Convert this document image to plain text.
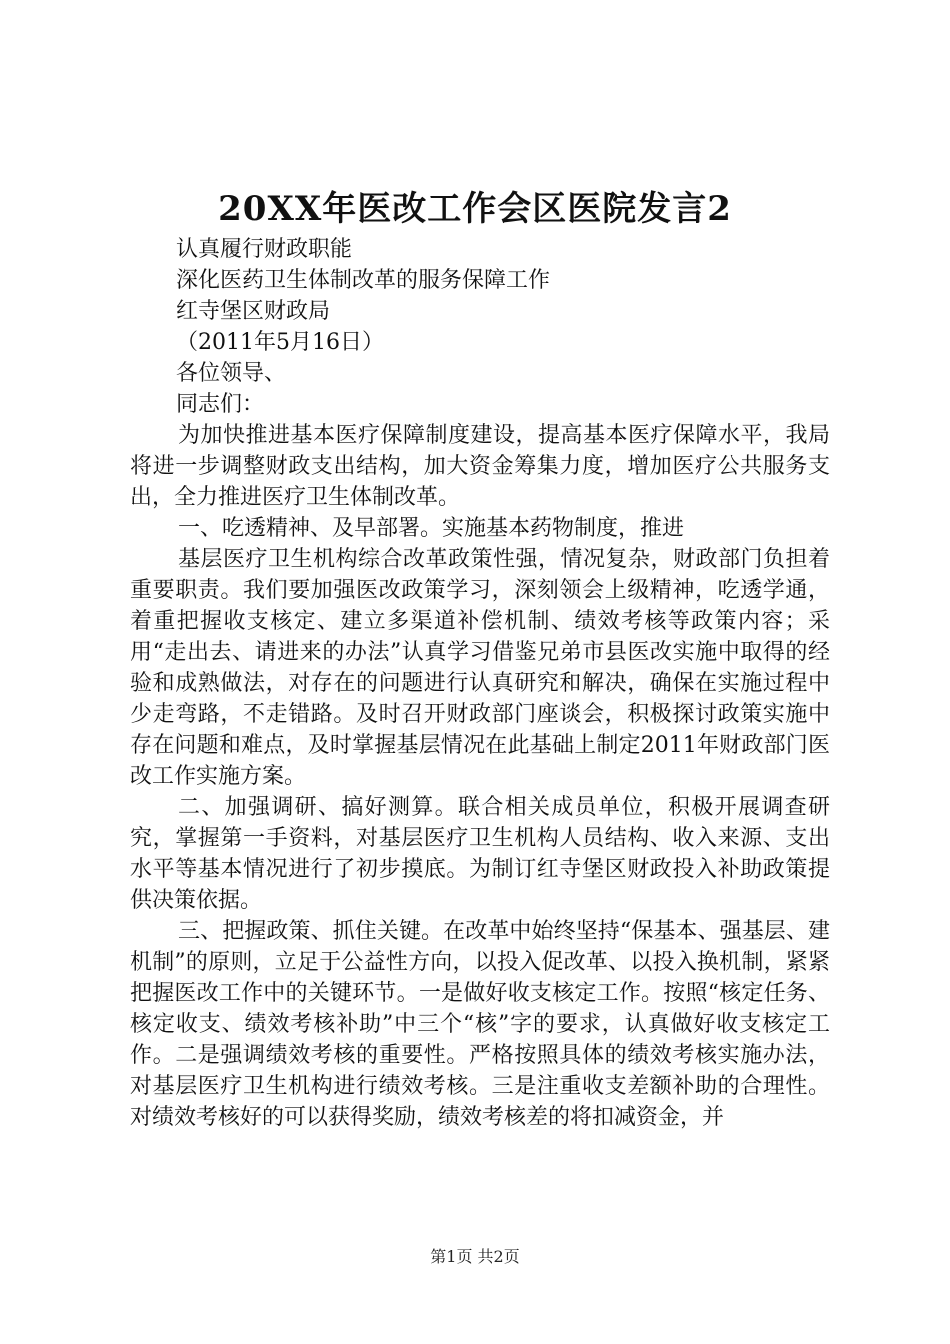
20XX年医改工作会区医院发言2

认真履行财政职能

深化医药卫生体制改革的服务保障工作

红寺堡区财政局

（2011年5月16日）

各位领导、

同志们：

为加快推进基本医疗保障制度建设，提高基本医疗保障水平，我局将进一步调整财政支出结构，加大资金筹集力度，增加医疗公共服务支出，全力推进医疗卫生体制改革。

一、吃透精神、及早部署。实施基本药物制度，推进

基层医疗卫生机构综合改革政策性强，情况复杂，财政部门负担着重要职责。我们要加强医改政策学习，深刻领会上级精神，吃透学通，着重把握收支核定、建立多渠道补偿机制、绩效考核等政策内容；采用“走出去、请进来的办法”认真学习借鉴兄弟市县医改实施中取得的经验和成熟做法，对存在的问题进行认真研究和解决，确保在实施过程中少走弯路，不走错路。及时召开财政部门座谈会，积极探讨政策实施中存在问题和难点，及时掌握基层情况在此基础上制定2011年财政部门医改工作实施方案。

二、加强调研、搞好测算。联合相关成员单位，积极开展调查研究，掌握第一手资料，对基层医疗卫生机构人员结构、收入来源、支出水平等基本情况进行了初步摸底。为制订红寺堡区财政投入补助政策提供决策依据。

三、把握政策、抓住关键。在改革中始终坚持“保基本、强基层、建机制”的原则，立足于公益性方向，以投入促改革、以投入换机制，紧紧把握医改工作中的关键环节。一是做好收支核定工作。按照“核定任务、核定收支、绩效考核补助”中三个“核”字的要求，认真做好收支核定工作。二是强调绩效考核的重要性。严格按照具体的绩效考核实施办法，对基层医疗卫生机构进行绩效考核。三是注重收支差额补助的合理性。对绩效考核好的可以获得奖励，绩效考核差的将扣减资金，并

第1页 共2页
